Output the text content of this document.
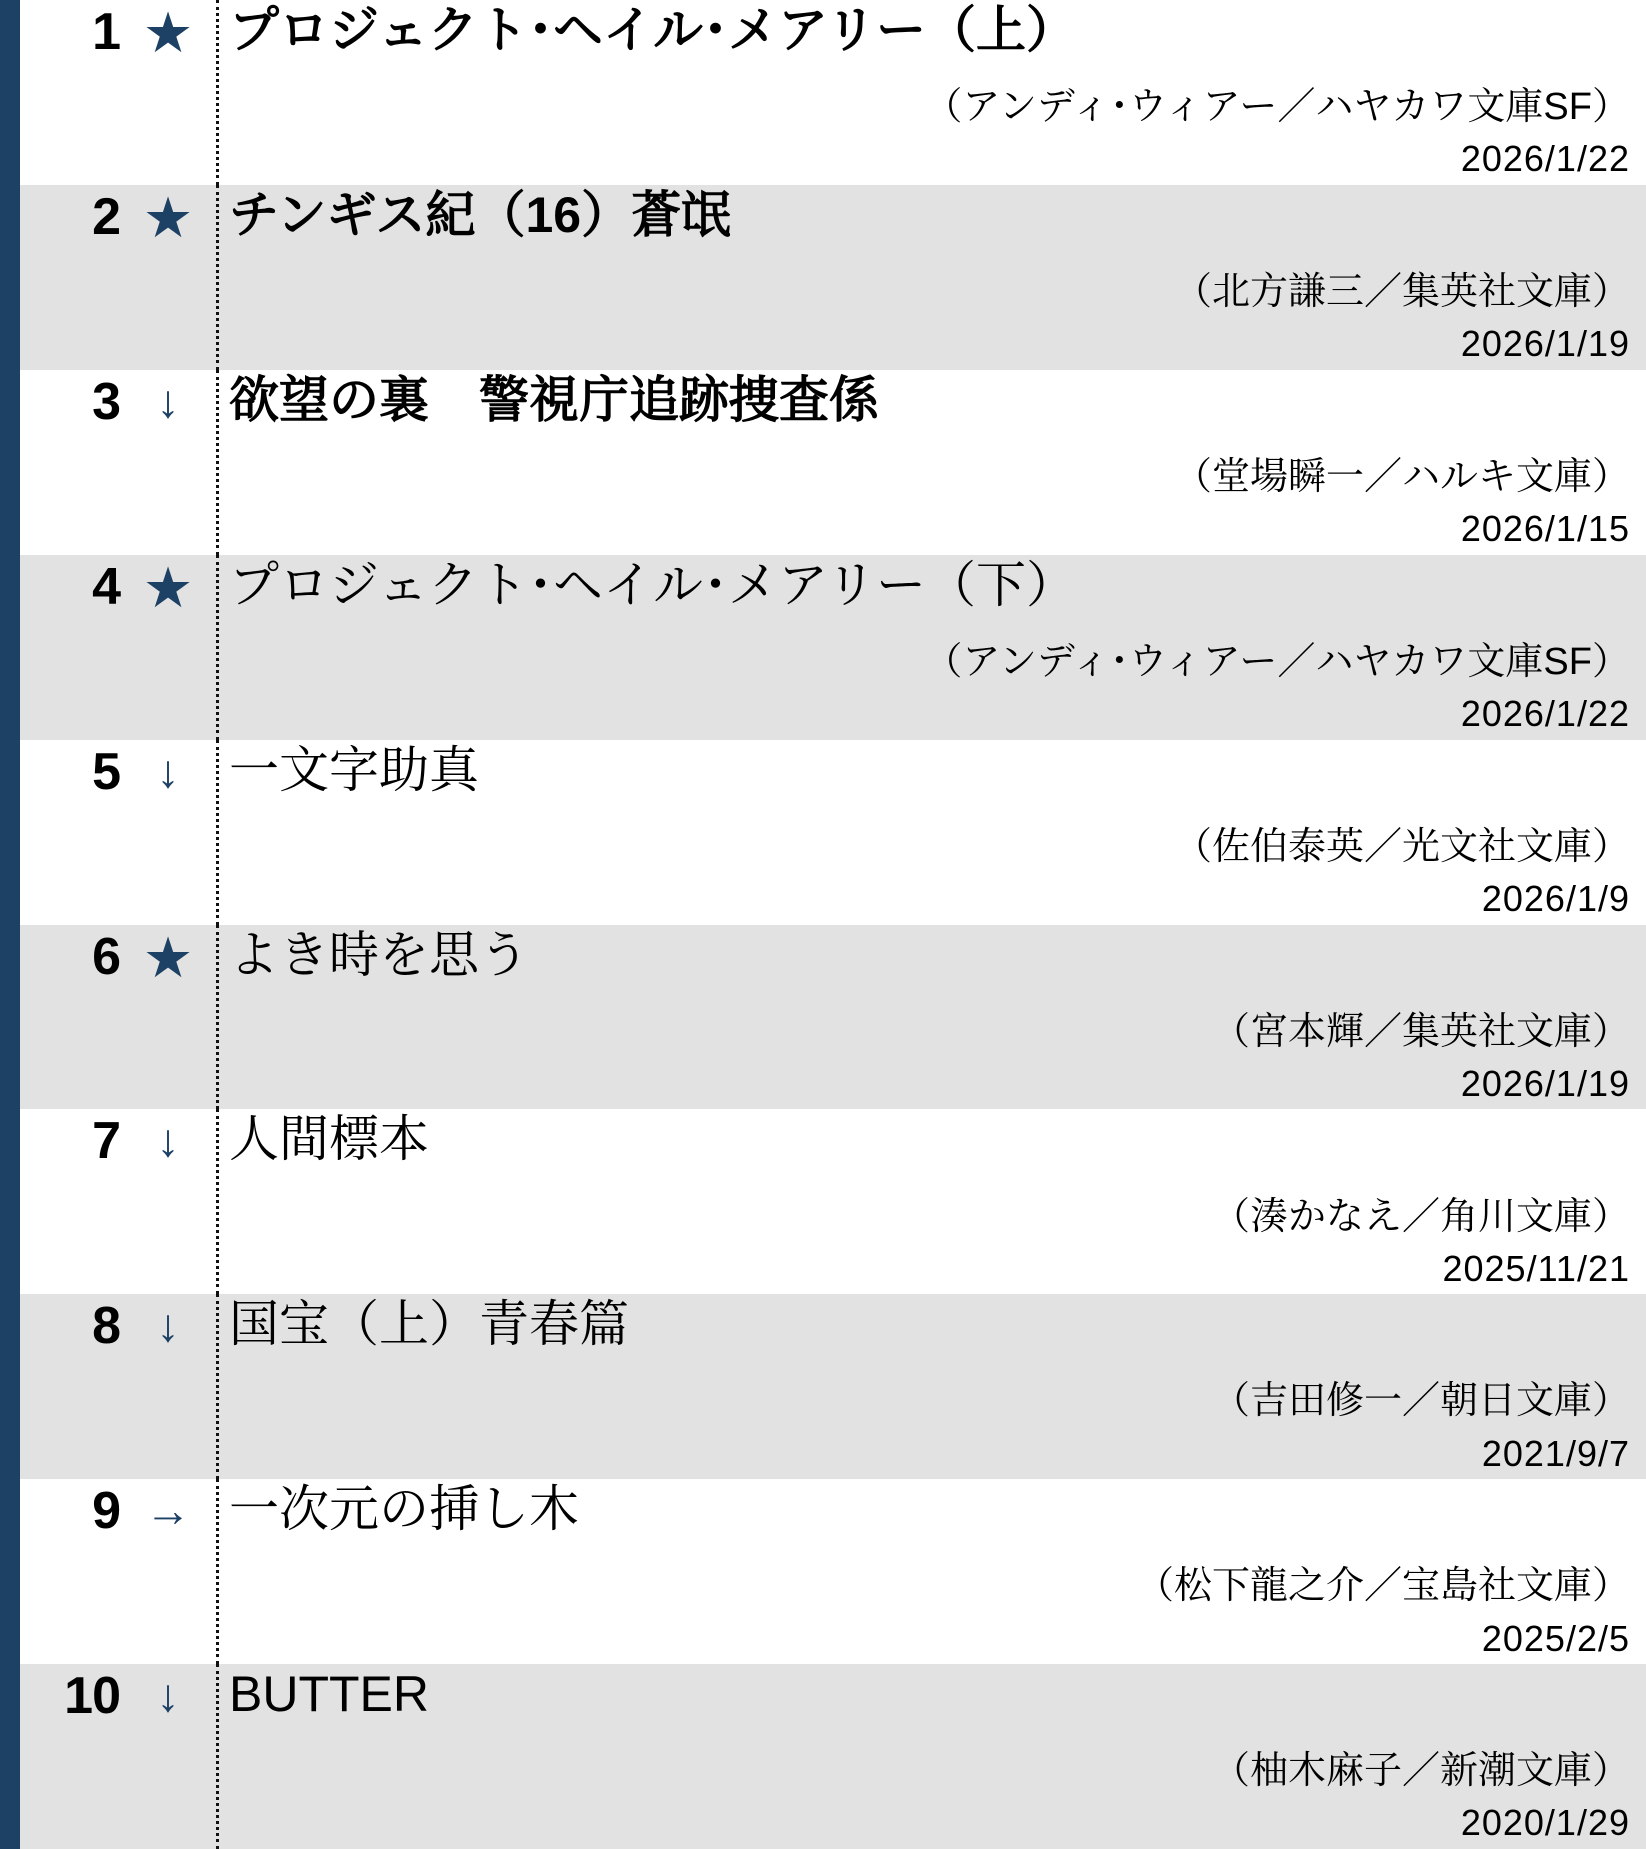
1 ★ プロジェクト･ヘイル･メアリー（上）
（アンディ･ウィアー／ハヤカワ文庫SF）
2026/1/22
2 ★ チンギス紀（16）蒼氓
（北方謙三／集英社文庫）
2026/1/19
3 ↓ 欲望の裏　警視庁追跡捜査係
（堂場瞬一／ハルキ文庫）
2026/1/15
4 ★ プロジェクト･ヘイル･メアリー（下）
（アンディ･ウィアー／ハヤカワ文庫SF）
2026/1/22
5 ↓ 一文字助真
（佐伯泰英／光文社文庫）
2026/1/9
6 ★ よき時を思う
（宮本輝／集英社文庫）
2026/1/19
7 ↓ 人間標本
（湊かなえ／角川文庫）
2025/11/21
8 ↓ 国宝（上）青春篇
（吉田修一／朝日文庫）
2021/9/7
9 → 一次元の挿し木
（松下龍之介／宝島社文庫）
2025/2/5
10 ↓ BUTTER
（柚木麻子／新潮文庫）
2020/1/29
